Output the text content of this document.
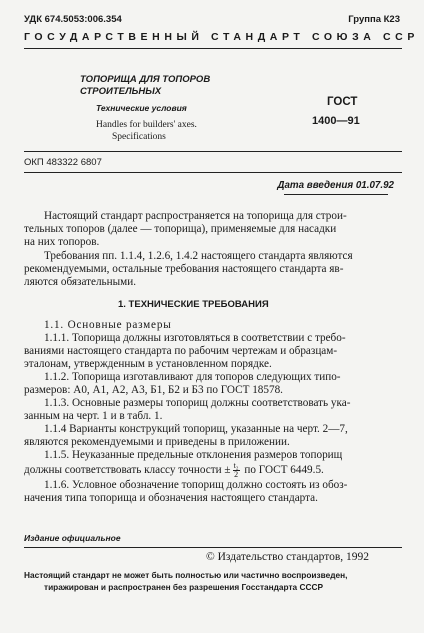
УДК 674.5053:006.354	Группа К23
ГОСУДАРСТВЕННЫЙ СТАНДАРТ СОЮЗА ССР
ТОПОРИЩА ДЛЯ ТОПОРОВ
СТРОИТЕЛЬНЫХ
Технические условия
Handles for builders' axes.
Specifications
ГОСТ
1400—91
ОКП 483322 6807
Дата введения 01.07.92
Настоящий стандарт распространяется на топорища для строи-
тельных топоров (далее — топорища), применяемые для насадки
на них топоров.
Требования пп. 1.1.4, 1.2.6, 1.4.2 настоящего стандарта являются
рекомендуемыми, остальные требования настоящего стандарта яв-
ляются обязательными.
1. ТЕХНИЧЕСКИЕ ТРЕБОВАНИЯ
1.1. Основные размеры
1.1.1. Топорища должны изготовляться в соответствии с требо-
ваниями настоящего стандарта по рабочим чертежам и образцам-
эталонам, утвержденным в установленном порядке.
1.1.2. Топорища изготавливают для топоров следующих типо-
размеров: А0, А1, А2, А3, Б1, Б2 и Б3 по ГОСТ 18578.
1.1.3. Основные размеры топорищ должны соответствовать ука-
занным на черт. 1 и в табл. 1.
1.1.4 Варианты конструкций топорищ, указанные на черт. 2—7,
являются рекомендуемыми и приведены в приложении.
1.1.5. Неуказанные предельные отклонения размеров топорищ
должны соответствовать классу точности ± $\frac{\text{t₂}}{2}$ по ГОСТ 6449.5.
1.1.6. Условное обозначение топорищ должно состоять из обоз-
начения типа топорища и обозначения настоящего стандарта.
Издание официальное
© Издательство стандартов, 1992
Настоящий стандарт не может быть полностью или частично воспроизведен,
тиражирован и распространен без разрешения Госстандарта СССР
